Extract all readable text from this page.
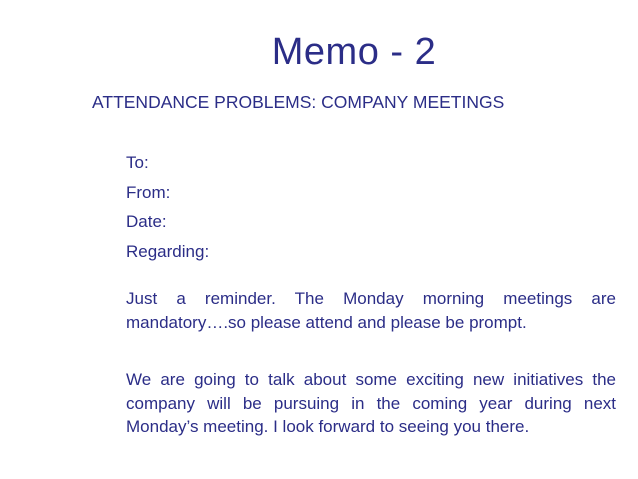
Memo - 2
ATTENDANCE PROBLEMS: COMPANY MEETINGS
To:
From:
Date:
Regarding:

Just a reminder. The Monday morning meetings are mandatory….so please attend and please be prompt.

We are going to talk about some exciting new initiatives the company will be pursuing in the coming year during next Monday’s meeting. I look forward to seeing you there.
